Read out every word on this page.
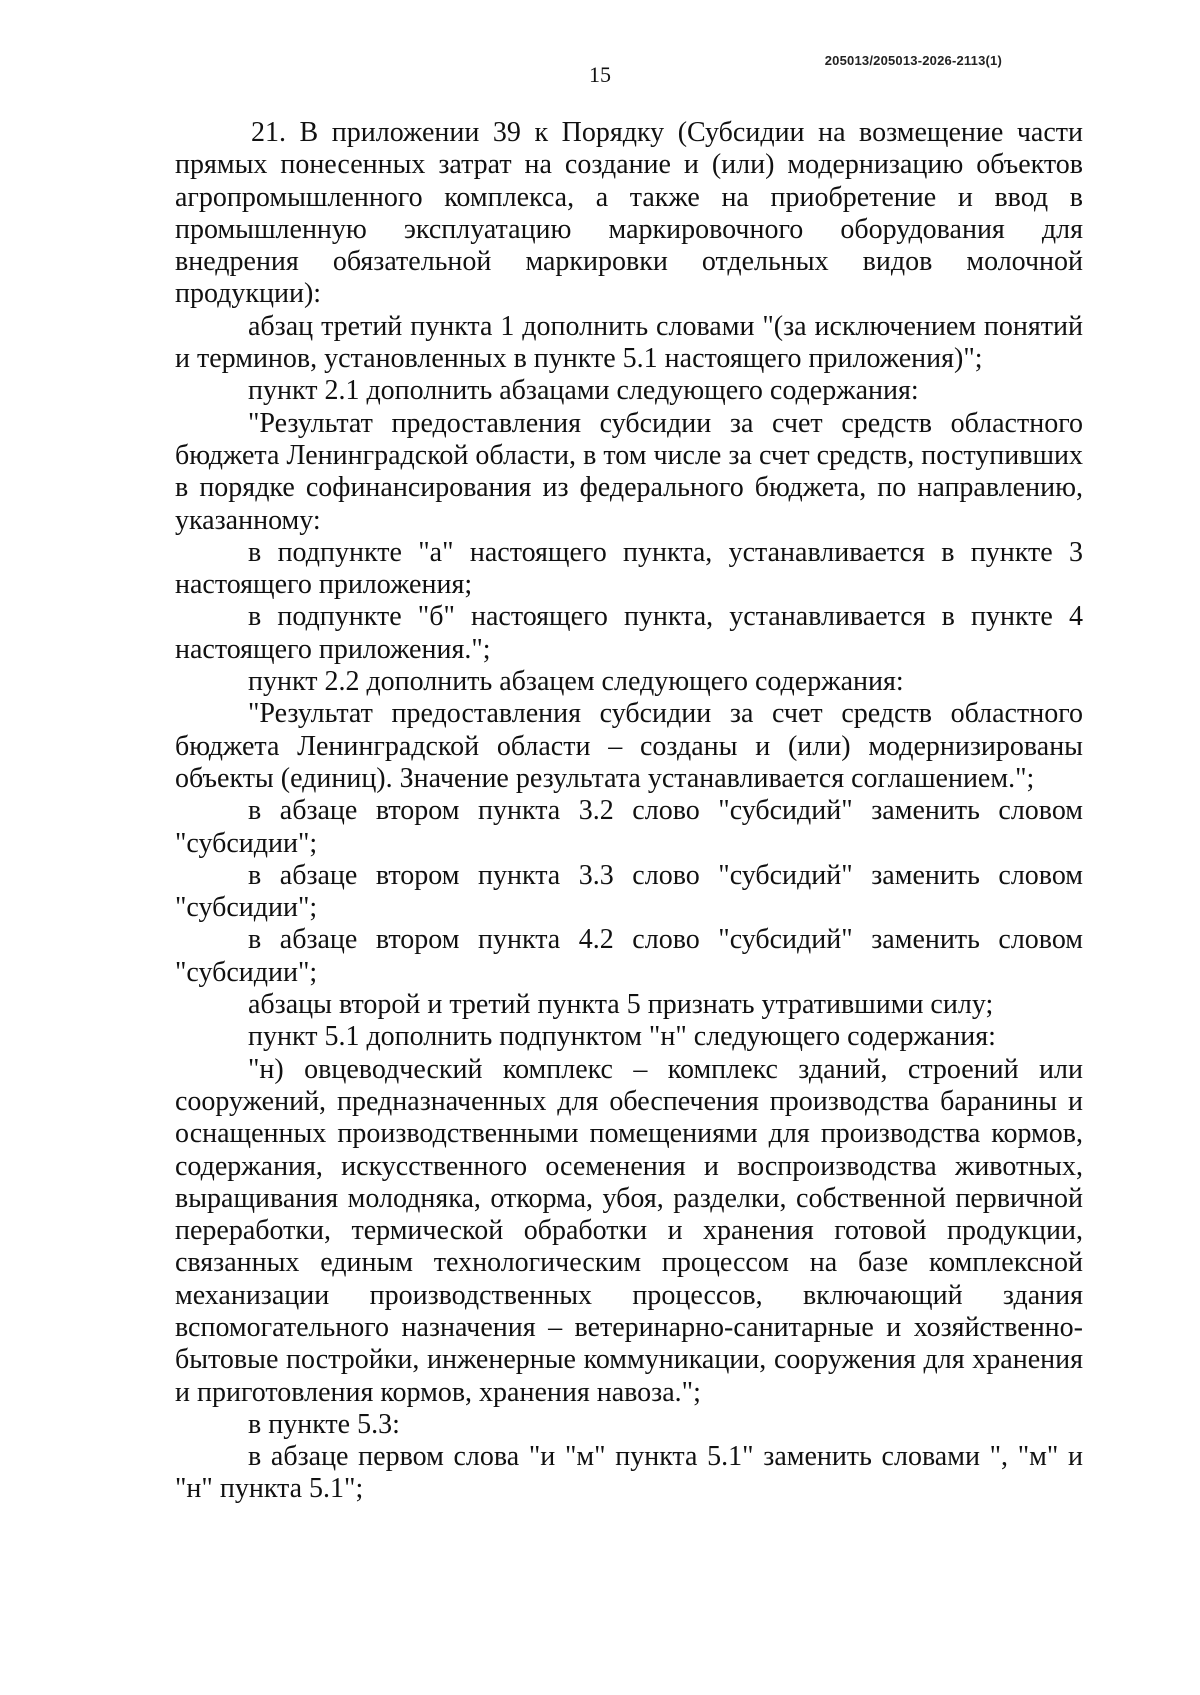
205013/205013-2026-2113(1)
15

21. В приложении 39 к Порядку (Субсидии на возмещение части прямых понесенных затрат на создание и (или) модернизацию объектов агропромышленного комплекса, а также на приобретение и ввод в промышленную эксплуатацию маркировочного оборудования для внедрения обязательной маркировки отдельных видов молочной продукции):

абзац третий пункта 1 дополнить словами "(за исключением понятий и терминов, установленных в пункте 5.1 настоящего приложения)";

пункт 2.1 дополнить абзацами следующего содержания:

"Результат предоставления субсидии за счет средств областного бюджета Ленинградской области, в том числе за счет средств, поступивших в порядке софинансирования из федерального бюджета, по направлению, указанному:

в подпункте "а" настоящего пункта, устанавливается в пункте 3 настоящего приложения;

в подпункте "б" настоящего пункта, устанавливается в пункте 4 настоящего приложения.";

пункт 2.2 дополнить абзацем следующего содержания:

"Результат предоставления субсидии за счет средств областного бюджета Ленинградской области – созданы и (или) модернизированы объекты (единиц). Значение результата устанавливается соглашением.";

в абзаце втором пункта 3.2 слово "субсидий" заменить словом "субсидии";

в абзаце втором пункта 3.3 слово "субсидий" заменить словом "субсидии";

в абзаце втором пункта 4.2 слово "субсидий" заменить словом "субсидии";

абзацы второй и третий пункта 5 признать утратившими силу;

пункт 5.1 дополнить подпунктом "н" следующего содержания:

"н) овцеводческий комплекс – комплекс зданий, строений или сооружений, предназначенных для обеспечения производства баранины и оснащенных производственными помещениями для производства кормов, содержания, искусственного осеменения и воспроизводства животных, выращивания молодняка, откорма, убоя, разделки, собственной первичной переработки, термической обработки и хранения готовой продукции, связанных единым технологическим процессом на базе комплексной механизации производственных процессов, включающий здания вспомогательного назначения – ветеринарно-санитарные и хозяйственно-бытовые постройки, инженерные коммуникации, сооружения для хранения и приготовления кормов, хранения навоза.";

в пункте 5.3:

в абзаце первом слова "и "м" пункта 5.1" заменить словами ", "м" и "н" пункта 5.1";
